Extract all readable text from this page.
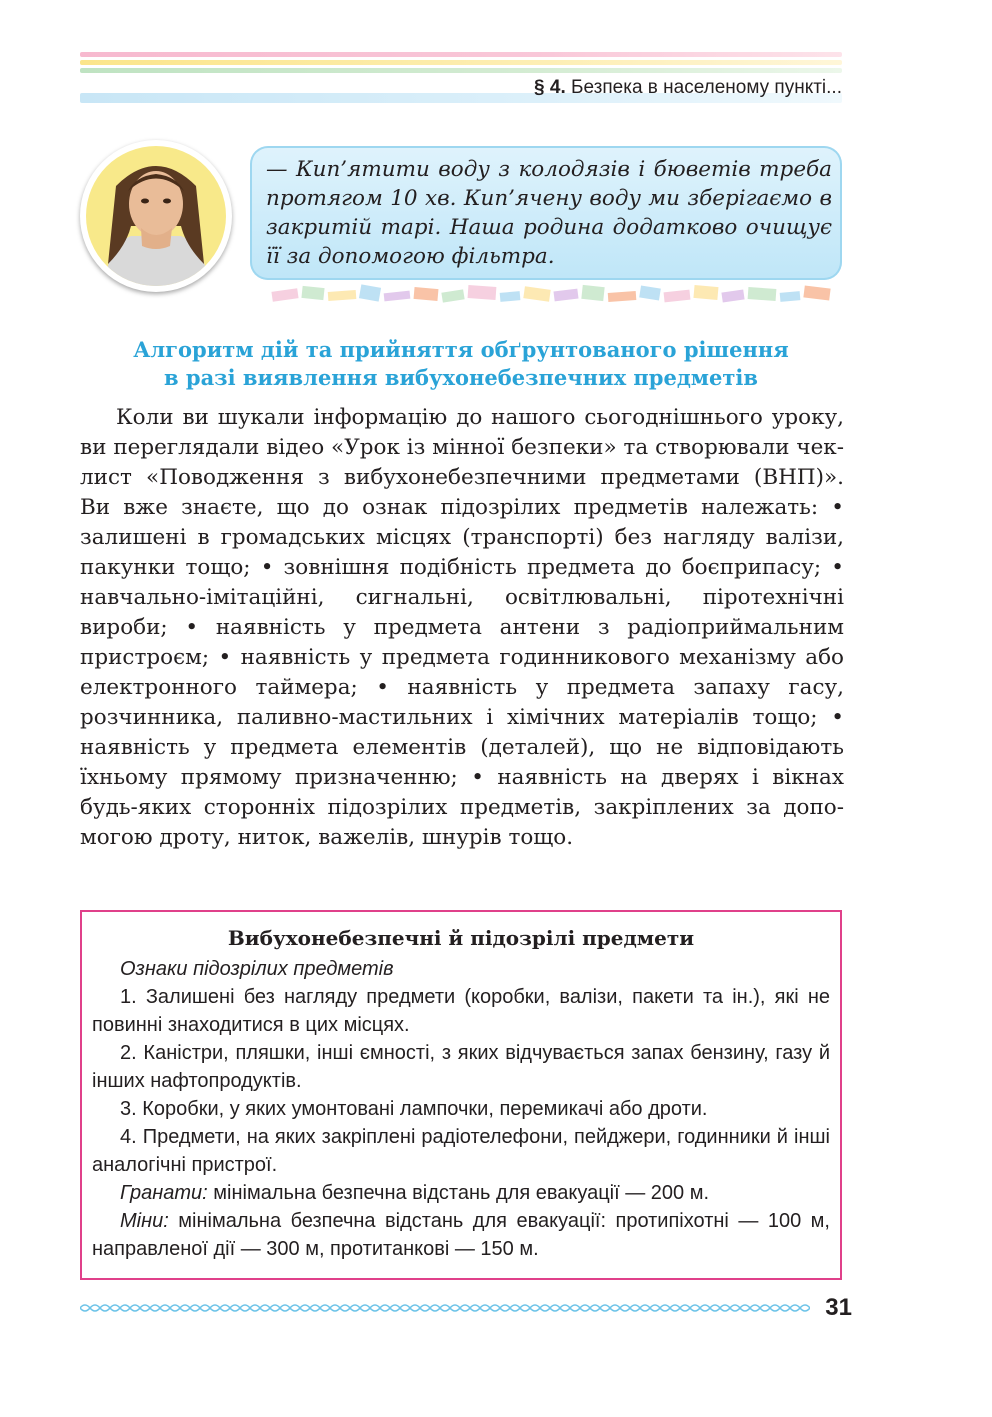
§ 4. Безпека в населеному пункті...

— Кип’ятити воду з колодязів і бюветів треба протягом 10 хв. Кип’ячену воду ми зберігаємо в закритій тарі. Наша родина додатково очищує її за допомогою фільтра.

Алгоритм дій та прийняття обґрунтованого рішення
в разі виявлення вибухонебезпечних предметів

Коли ви шукали інформацію до нашого сьогоднішнього уроку, ви переглядали відео «Урок із мінної безпеки» та створювали чек-лист «Поводження з вибухонебезпечними предметами (ВНП)». Ви вже знаєте, що до ознак підозрілих предметів належать: • залишені в громадських місцях (транспорті) без нагляду валізи, пакунки тощо; • зовнішня подібність предмета до боєприпасу; • навчально-імітаційні, сигнальні, освітлювальні, піротехнічні вироби; • наявність у предмета антени з радіоприймальним пристроєм; • наявність у предмета годинникового механізму або електронного таймера; • наявність у предмета запаху гасу, розчинника, паливно-мастильних і хімічних матеріалів тощо; • наявність у предмета елементів (деталей), що не відповідають їхньому прямому призначенню; • наявність на дверях і вікнах будь-яких сторонніх підозрілих предметів, закріплених за допомогою дроту, ниток, важелів, шнурів тощо.

Вибухонебезпечні й підозрілі предмети

Ознаки підозрілих предметів

1. Залишені без нагляду предмети (коробки, валізи, пакети та ін.), які не повинні знаходитися в цих місцях.

2. Каністри, пляшки, інші ємності, з яких відчувається запах бензину, газу й інших нафтопродуктів.

3. Коробки, у яких умонтовані лампочки, перемикачі або дроти.

4. Предмети, на яких закріплені радіотелефони, пейджери, годинники й інші аналогічні пристрої.

Гранати: мінімальна безпечна відстань для евакуації — 200 м.

Міни: мінімальна безпечна відстань для евакуації: протипіхотні — 100 м, направленої дії — 300 м, протитанкові — 150 м.

31
